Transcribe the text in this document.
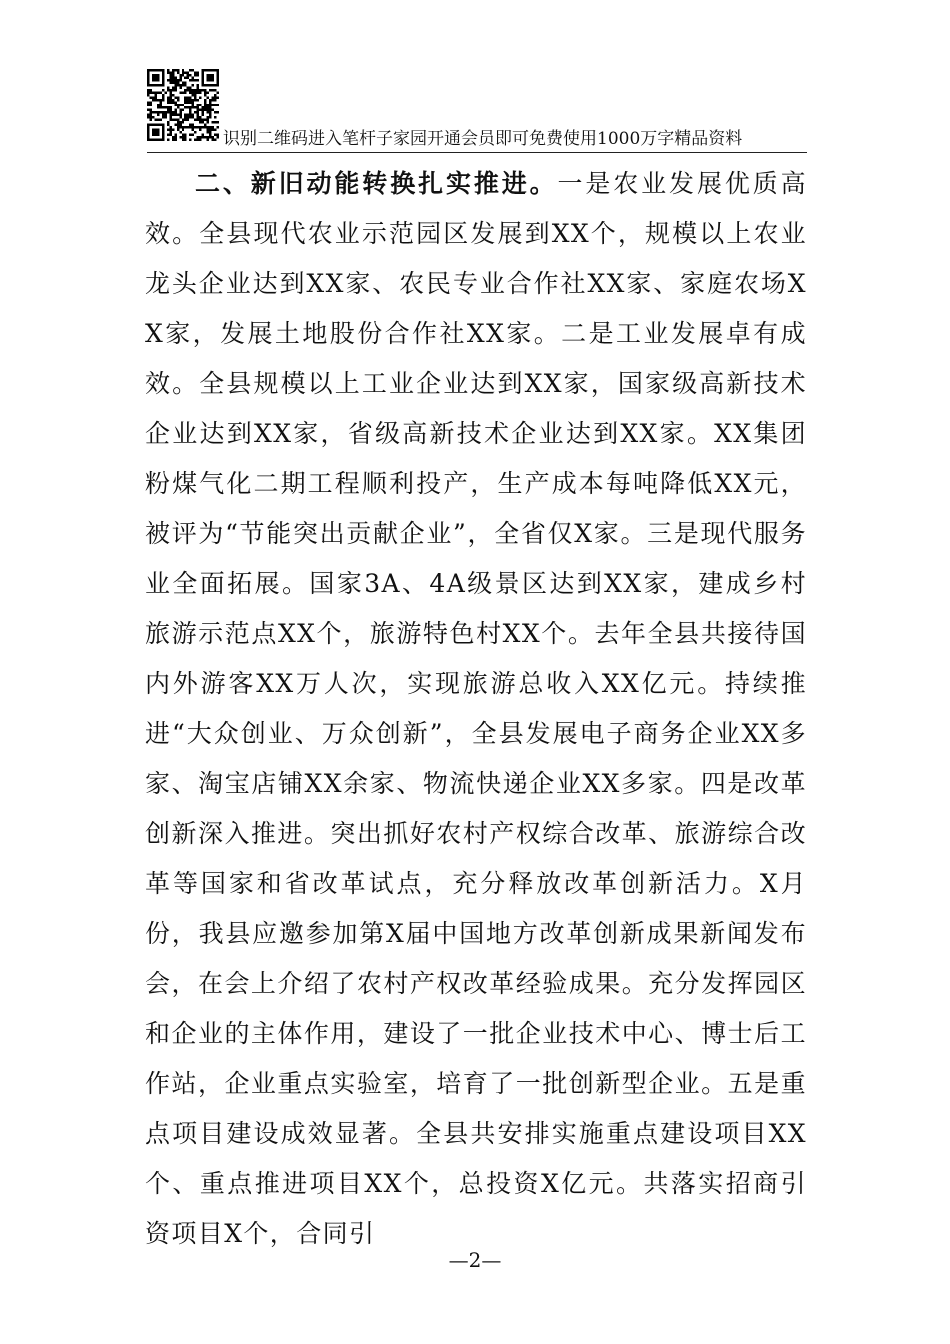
识别二维码进入笔杆子家园开通会员即可免费使用1000万字精品资料

二、新旧动能转换扎实推进。一是农业发展优质高效。全县现代农业示范园区发展到XX个，规模以上农业龙头企业达到XX家、农民专业合作社XX家、家庭农场XX家，发展土地股份合作社XX家。二是工业发展卓有成效。全县规模以上工业企业达到XX家，国家级高新技术企业达到XX家，省级高新技术企业达到XX家。XX集团粉煤气化二期工程顺利投产，生产成本每吨降低XX元，被评为“节能突出贡献企业”，全省仅X家。三是现代服务业全面拓展。国家3A、4A级景区达到XX家，建成乡村旅游示范点XX个，旅游特色村XX个。去年全县共接待国内外游客XX万人次，实现旅游总收入XX亿元。持续推进“大众创业、万众创新”，全县发展电子商务企业XX多家、淘宝店铺XX余家、物流快递企业XX多家。四是改革创新深入推进。突出抓好农村产权综合改革、旅游综合改革等国家和省改革试点，充分释放改革创新活力。X月份，我县应邀参加第X届中国地方改革创新成果新闻发布会，在会上介绍了农村产权改革经验成果。充分发挥园区和企业的主体作用，建设了一批企业技术中心、博士后工作站，企业重点实验室，培育了一批创新型企业。五是重点项目建设成效显著。全县共安排实施重点建设项目XX个、重点推进项目XX个，总投资X亿元。共落实招商引资项目X个，合同引

—2—
